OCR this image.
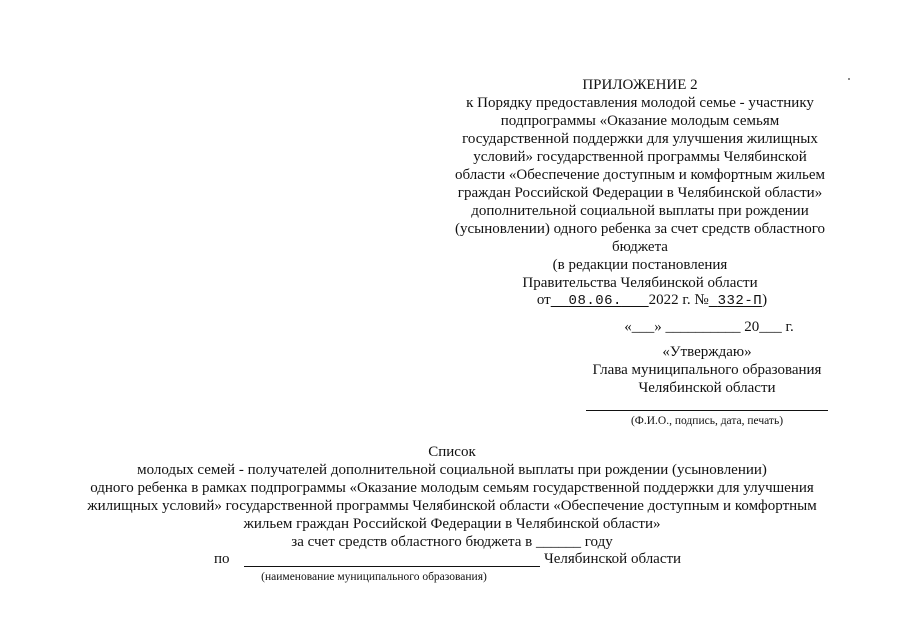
ПРИЛОЖЕНИЕ 2
к Порядку предоставления молодой семье - участнику
подпрограммы «Оказание молодым семьям
государственной поддержки для улучшения жилищных
условий» государственной программы Челябинской
области «Обеспечение доступным и комфортным жильем
граждан Российской Федерации в Челябинской области»
дополнительной социальной выплаты при рождении
(усыновлении) одного ребенка за счет средств областного
бюджета
(в редакции постановления
Правительства Челябинской области
от 08.06. 2022 г. № 332-П)
«___» __________ 20___ г.
«Утверждаю»
Глава муниципального образования
Челябинской области
(Ф.И.О., подпись, дата, печать)
Список
молодых семей - получателей дополнительной социальной выплаты при рождении (усыновлении)
одного ребенка в рамках подпрограммы «Оказание молодым семьям государственной поддержки для улучшения
жилищных условий» государственной программы Челябинской области «Обеспечение доступным и комфортным
жильем граждан Российской Федерации в Челябинской области»
за счет средств областного бюджета в ______ году
по	Челябинской области
(наименование муниципального образования)
